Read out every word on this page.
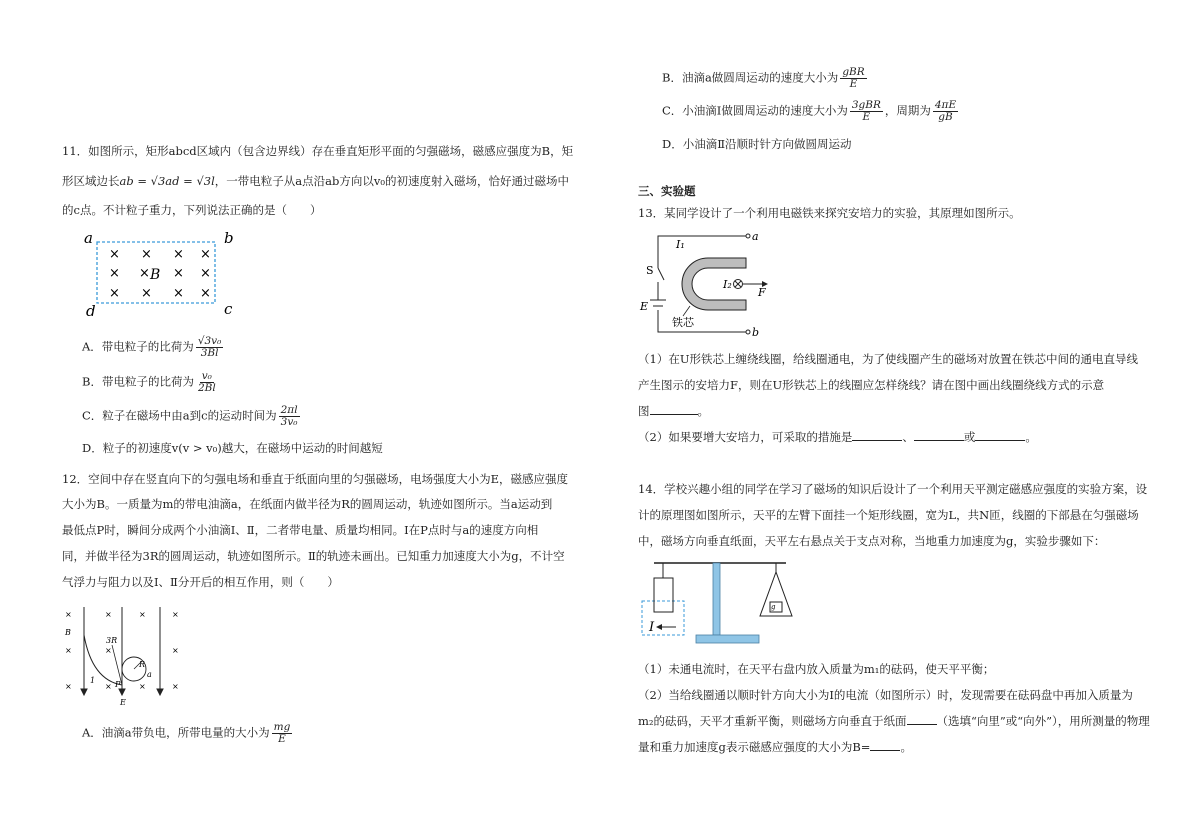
11．如图所示，矩形abcd区域内（包含边界线）存在垂直矩形平面的匀强磁场，磁感应强度为B，矩
形区域边长ab = √3ad = √3l，一带电粒子从a点沿ab方向以v₀的初速度射入磁场，恰好通过磁场中
的c点。不计粒子重力，下列说法正确的是（　　）
a	b
c
d
× × × ×
× × × ×
× × × ×
B
A．带电粒子的比荷为 $\frac{\text{√3v₀}}{3Bl}$
B．带电粒子的比荷为 $\frac{\text{v₀}}{2Bl}$
C．粒子在磁场中由a到c的运动时间为 $\frac{2\pi l}{\text{3v₀}}$
D．粒子的初速度v(v > v₀)越大，在磁场中运动的时间越短
12．空间中存在竖直向下的匀强电场和垂直于纸面向里的匀强磁场，电场强度大小为E，磁感应强度
大小为B。一质量为m的带电油滴a，在纸面内做半径为R的圆周运动，轨迹如图所示。当a运动到
最低点P时，瞬间分成两个小油滴Ⅰ、Ⅱ，二者带电量、质量均相同。Ⅰ在P点时与a的速度方向相
同，并做半径为3R的圆周运动，轨迹如图所示。Ⅱ的轨迹未画出。已知重力加速度大小为g，不计空
气浮力与阻力以及Ⅰ、Ⅱ分开后的相互作用，则（　　）
×	×	×	×
×	×	×
×	×	×	×
B
3R
R
P
a
1
E
A．油滴a带负电，所带电量的大小为 $\frac{mg}{E}$
B．油滴a做圆周运动的速度大小为 $\frac{\text{gBR}}{E}$
C．小油滴Ⅰ做圆周运动的速度大小为 $\frac{\text{3gBR}}{E}$ ，周期为 $\frac{4\pi E}{gB}$
D．小油滴Ⅱ沿顺时针方向做圆周运动
三、实验题
13．某同学设计了一个利用电磁铁来探究安培力的实验，其原理如图所示。
I₁
I₂
F
S
E
a
b
铁芯
（1）在U形铁芯上缠绕线圈，给线圈通电，为了使线圈产生的磁场对放置在铁芯中间的通电直导线
产生图示的安培力F，则在U形铁芯上的线圈应怎样绕线？请在图中画出线圈绕线方式的示意
图	。
（2）如果要增大安培力，可采取的措施是	、	或	。
14．学校兴趣小组的同学在学习了磁场的知识后设计了一个利用天平测定磁感应强度的实验方案，设
计的原理图如图所示，天平的左臂下面挂一个矩形线圈，宽为L，共N匝，线圈的下部悬在匀强磁场
中，磁场方向垂直纸面，天平左右悬点关于支点对称，当地重力加速度为g，实验步骤如下：
g
I
（1）未通电流时，在天平右盘内放入质量为m₁的砝码，使天平平衡；
（2）当给线圈通以顺时针方向大小为I的电流（如图所示）时，发现需要在砝码盘中再加入质量为
m₂的砝码，天平才重新平衡，则磁场方向垂直于纸面	（选填“向里”或“向外”），用所测量的物理
量和重力加速度g表示磁感应强度的大小为B=	。
